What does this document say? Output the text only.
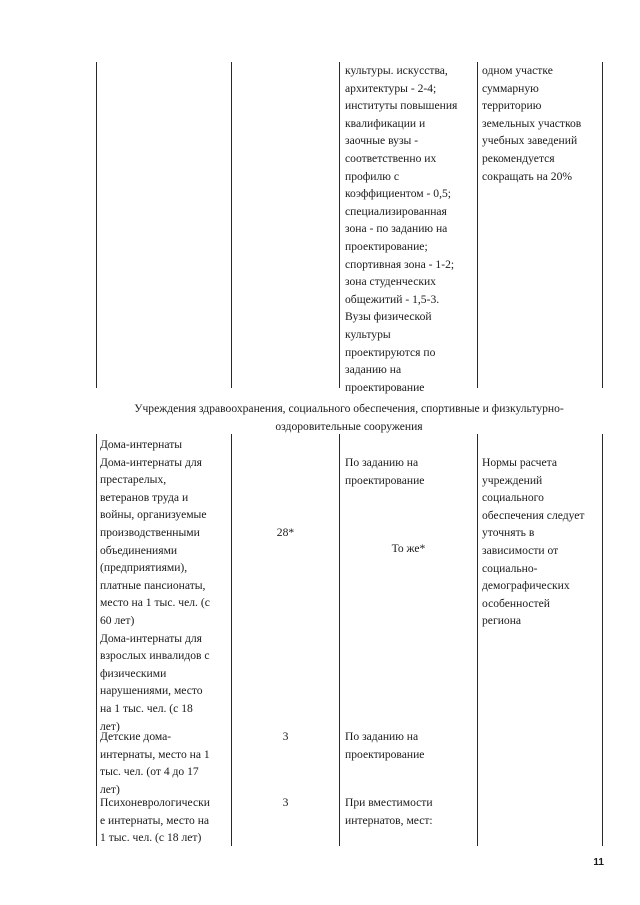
культуры. искусства,
архитектуры - 2-4;
институты повышения
квалификации и
заочные вузы -
соответственно их
профилю с
коэффициентом - 0,5;
специализированная
зона - по заданию на
проектирование;
спортивная зона - 1-2;
зона студенческих
общежитий - 1,5-3.
Вузы физической
культуры
проектируются по
заданию на
проектирование
одном участке
суммарную
территорию
земельных участков
учебных заведений
рекомендуется
сокращать на 20%
Учреждения здравоохранения, социального обеспечения, спортивные и физкультурно-
оздоровительные сооружения
Дома-интернаты
Дома-интернаты для
престарелых,
ветеранов труда и
войны, организуемые
производственными
объединениями
(предприятиями),
платные пансионаты,
место на 1 тыс. чел. (с
60 лет)
Дома-интернаты для
взрослых инвалидов с
физическими
нарушениями, место
на 1 тыс. чел. (с 18
лет)
28*
По заданию на
проектирование
То же*
Нормы расчета
учреждений
социального
обеспечения следует
уточнять в
зависимости от
социально-
демографических
особенностей
региона
Детские дома-
интернаты, место на 1
тыс. чел. (от 4 до 17
лет)
3	По заданию на
проектирование
Психоневрологически
е интернаты, место на
1 тыс. чел. (с 18 лет)
3	При вместимости
интернатов, мест:
11
